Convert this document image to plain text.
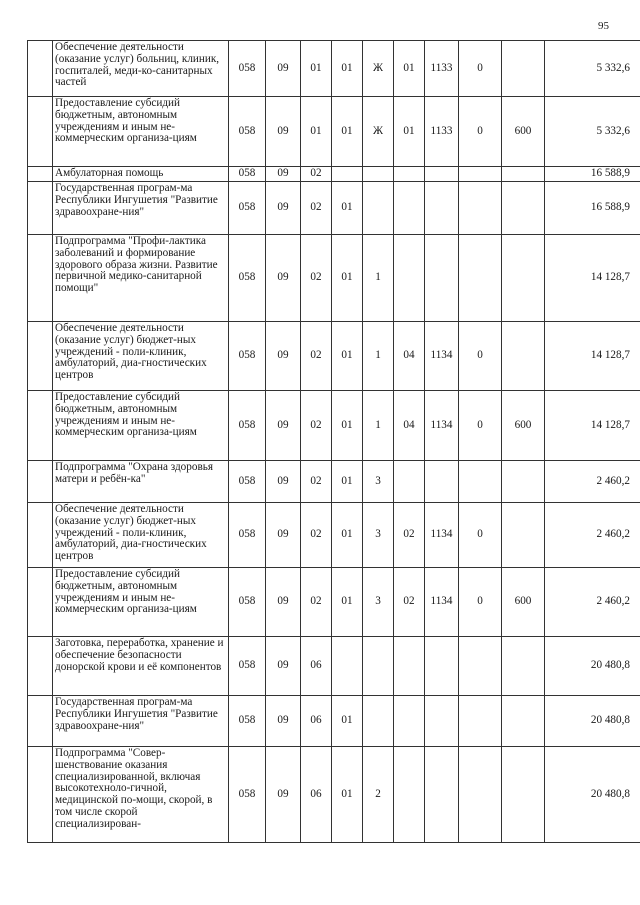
95
	Обеспечение деятельности (оказание услуг) больниц, клиник, госпиталей, меди-ко-санитарных частей	058	09	01	01	Ж	01	1133	0		5 332,6
	Предоставление субсидий бюджетным, автономным учреждениям и иным не-коммерческим организа-циям	058	09	01	01	Ж	01	1133	0	600	5 332,6
	Амбулаторная помощь	058	09	02							16 588,9
	Государственная програм-ма Республики Ингушетия "Развитие здравоохране-ния"	058	09	02	01						16 588,9
	Подпрограмма "Профи-лактика заболеваний и формирование здорового образа жизни. Развитие первичной медико-санитарной помощи"	058	09	02	01	1					14 128,7
	Обеспечение деятельности (оказание услуг) бюджет-ных учреждений - поли-клиник, амбулаторий, диа-гностических центров	058	09	02	01	1	04	1134	0		14 128,7
	Предоставление субсидий бюджетным, автономным учреждениям и иным не-коммерческим организа-циям	058	09	02	01	1	04	1134	0	600	14 128,7
	Подпрограмма "Охрана здоровья матери и ребён-ка"	058	09	02	01	3					2 460,2
	Обеспечение деятельности (оказание услуг) бюджет-ных учреждений - поли-клиник, амбулаторий, диа-гностических центров	058	09	02	01	3	02	1134	0		2 460,2
	Предоставление субсидий бюджетным, автономным учреждениям и иным не-коммерческим организа-циям	058	09	02	01	3	02	1134	0	600	2 460,2
	Заготовка, переработка, хранение и обеспечение безопасности донорской крови и её компонентов	058	09	06							20 480,8
	Государственная програм-ма Республики Ингушетия "Развитие здравоохране-ния"	058	09	06	01						20 480,8
	Подпрограмма "Совер-шенствование оказания специализированной, включая высокотехноло-гичной, медицинской по-мощи, скорой, в том числе скорой специализирован-	058	09	06	01	2					20 480,8
